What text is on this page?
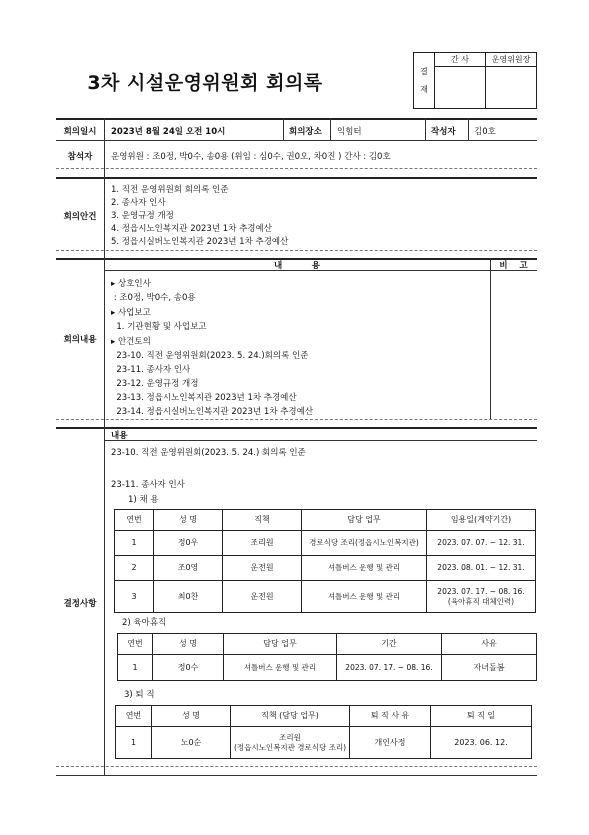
3차 시설운영위원회 회의록
결

재	간 사	운영위원장

회의일시	2023년 8월 24일 오전 10시	회의장소 익힘터	작성자 김0호
참석자	운영위원 : 조0정, 박0수, 송0용 (위임 : 심0수, 권0오, 차0진 ) 간사 : 김0호
회의안건
1. 직전 운영위원회 회의록 인준
2. 종사자 인사
3. 운영규정 개정
4. 정읍시노인복지관 2023년 1차 추경예산
5. 정읍시실버노인복지관 2023년 1차 추경예산
회의내용
내          용	비    고
▸ 상호인사
: 조0정, 박0수, 송0용
▸ 사업보고
1. 기관현황 및 사업보고
▸ 안건토의
23-10. 직전 운영위원회(2023. 5. 24.)회의록 인준
23-11. 종사자 인사
23-12. 운영규정 개정
23-13. 정읍시노인복지관 2023년 1차 추경예산
23-14. 정읍시실버노인복지관 2023년 1차 추경예산
결정사항
내용
23-10. 직전 운영위원회(2023. 5. 24.) 회의록 인준
23-11. 종사자 인사
1) 채 용
연번	성 명	직책	담당 업무	임용일(계약기간)
1	정0우	조리원	경로식당 조리(정읍시노인복지관)	2023. 07. 07. ~ 12. 31.
2	조0영	운전원	셔틀버스 운행 및 관리	2023. 08. 01. ~ 12. 31.
3	최0찬	운전원	셔틀버스 운행 및 관리	2023. 07. 17. ~ 08. 16.
(육아휴직 대체인력)
2) 육아휴직
연번	성 명	담당 업무	기간	사유
1	정0수	셔틀버스 운행 및 관리	2023. 07. 17. ~ 08. 16.	자녀돌봄
3) 퇴 직
연번	성 명	직책 (담당 업무)	퇴 직 사 유	퇴 직 일
1	노0순	조리원
(정읍시노인복지관 경로식당 조리)	개인사정	2023. 06. 12.
